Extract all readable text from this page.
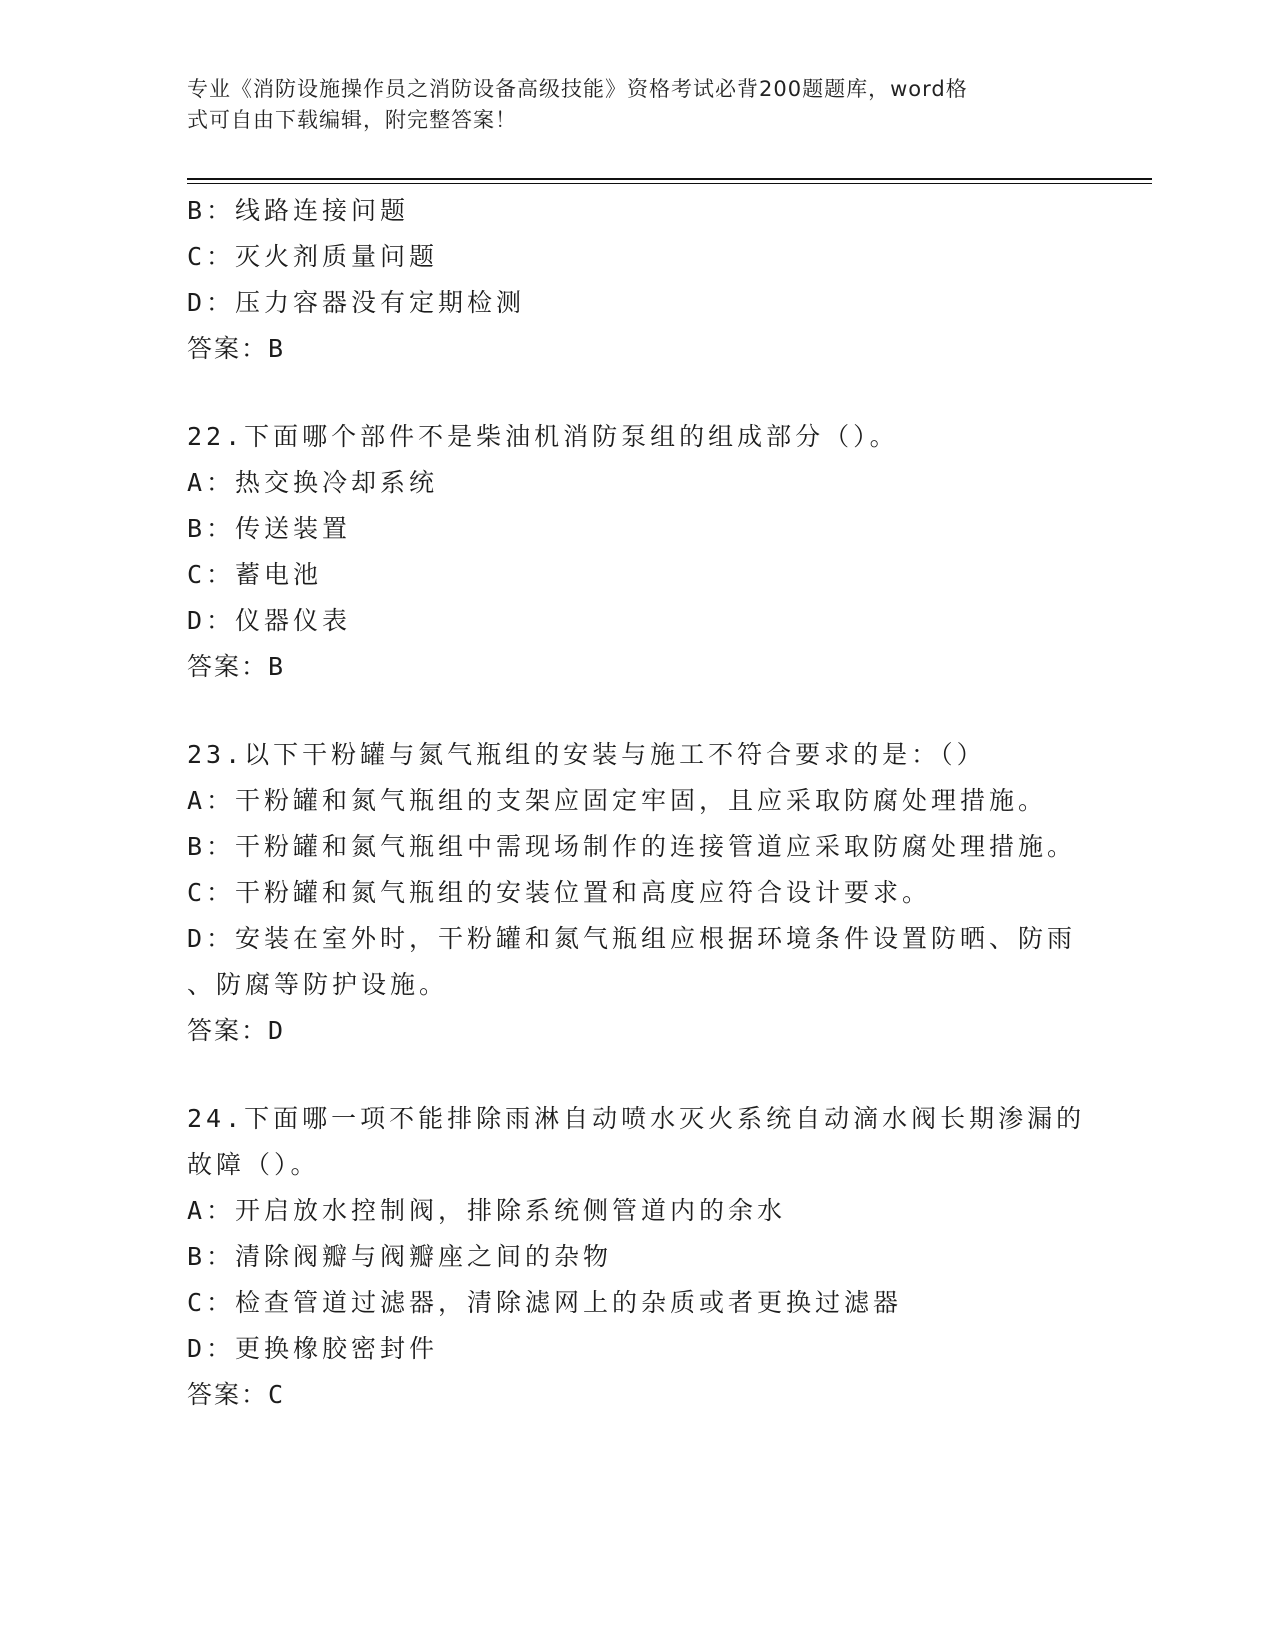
专业《消防设施操作员之消防设备高级技能》资格考试必背200题题库，word格
式可自由下载编辑，附完整答案！
B：线路连接问题
C：灭火剂质量问题
D：压力容器没有定期检测
答案：B
22.下面哪个部件不是柴油机消防泵组的组成部分（）。
A：热交换冷却系统
B：传送装置
C：蓄电池
D：仪器仪表
答案：B
23.以下干粉罐与氮气瓶组的安装与施工不符合要求的是：（）
A：干粉罐和氮气瓶组的支架应固定牢固，且应采取防腐处理措施。
B：干粉罐和氮气瓶组中需现场制作的连接管道应采取防腐处理措施。
C：干粉罐和氮气瓶组的安装位置和高度应符合设计要求。
D：安装在室外时，干粉罐和氮气瓶组应根据环境条件设置防晒、防雨
、防腐等防护设施。
答案：D
24.下面哪一项不能排除雨淋自动喷水灭火系统自动滴水阀长期渗漏的
故障（）。
A：开启放水控制阀，排除系统侧管道内的余水
B：清除阀瓣与阀瓣座之间的杂物
C：检查管道过滤器，清除滤网上的杂质或者更换过滤器
D：更换橡胶密封件
答案：C
